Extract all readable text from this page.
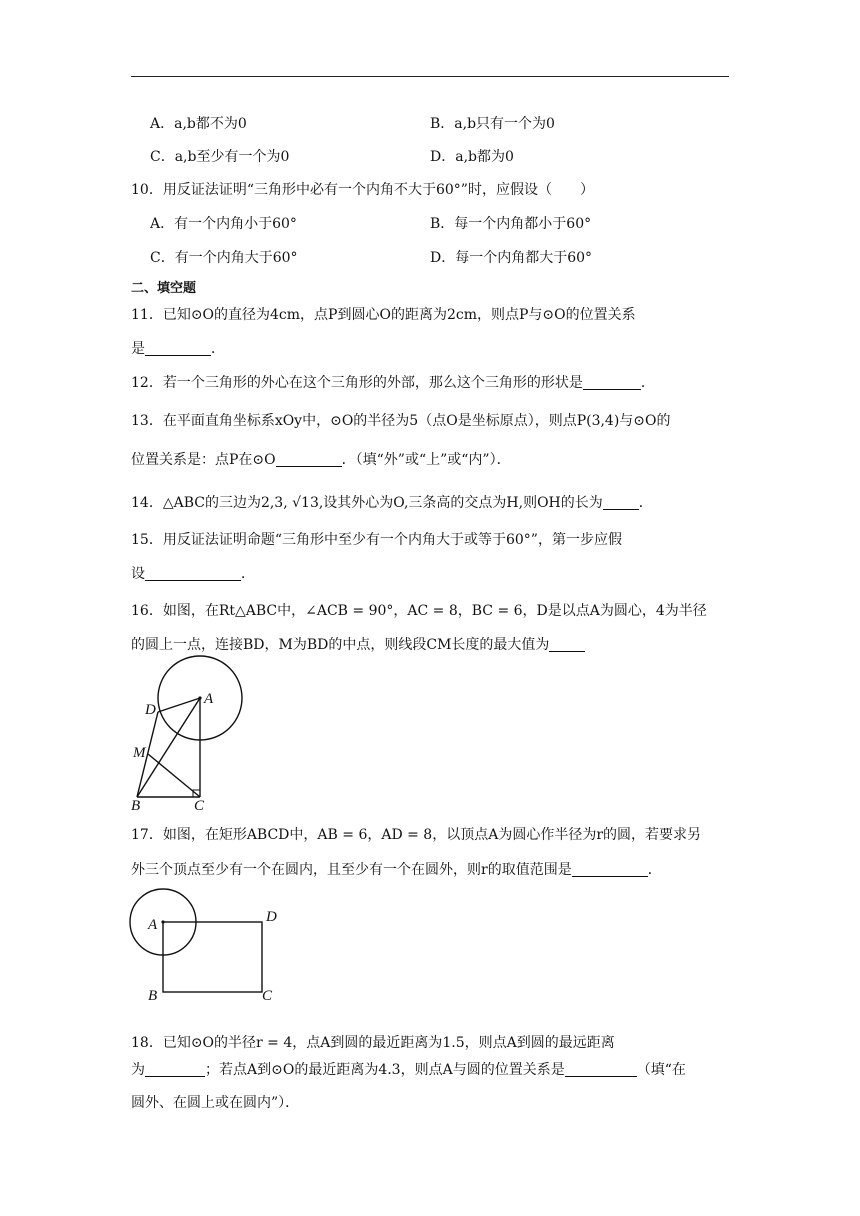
A．a,b都不为0	B．a,b只有一个为0
C．a,b至少有一个为0	D．a,b都为0
10．用反证法证明“三角形中必有一个内角不大于60°”时，应假设（　　）
A．有一个内角小于60°	B．每一个内角都小于60°
C．有一个内角大于60°	D．每一个内角都大于60°
二、填空题
11．已知⊙O的直径为4cm，点P到圆心O的距离为2cm，则点P与⊙O的位置关系
是	．
12．若一个三角形的外心在这个三角形的外部，那么这个三角形的形状是	．
13．在平面直角坐标系xOy中，⊙O的半径为5（点O是坐标原点），则点P(3,4)与⊙O的
位置关系是：点P在⊙O	．（填“外”或“上”或“内”）．
14．△ABC的三边为2,3, √13,设其外心为O,三条高的交点为H,则OH的长为	．
15．用反证法证明命题“三角形中至少有一个内角大于或等于60°”，第一步应假
设	．
16．如图，在Rt△ABC中，∠ACB = 90°，AC = 8，BC = 6，D是以点A为圆心，4为半径
的圆上一点，连接BD，M为BD的中点，则线段CM长度的最大值为
D
A
M
B	C
17．如图，在矩形ABCD中，AB = 6，AD = 8，以顶点A为圆心作半径为r的圆，若要求另
外三个顶点至少有一个在圆内，且至少有一个在圆外，则r的取值范围是	．
A	D
B	C
18．已知⊙O的半径r = 4，点A到圆的最近距离为1.5，则点A到圆的最远距离
为	；若点A到⊙O的最近距离为4.3，则点A与圆的位置关系是	（填“在
圆外、在圆上或在圆内”）．
